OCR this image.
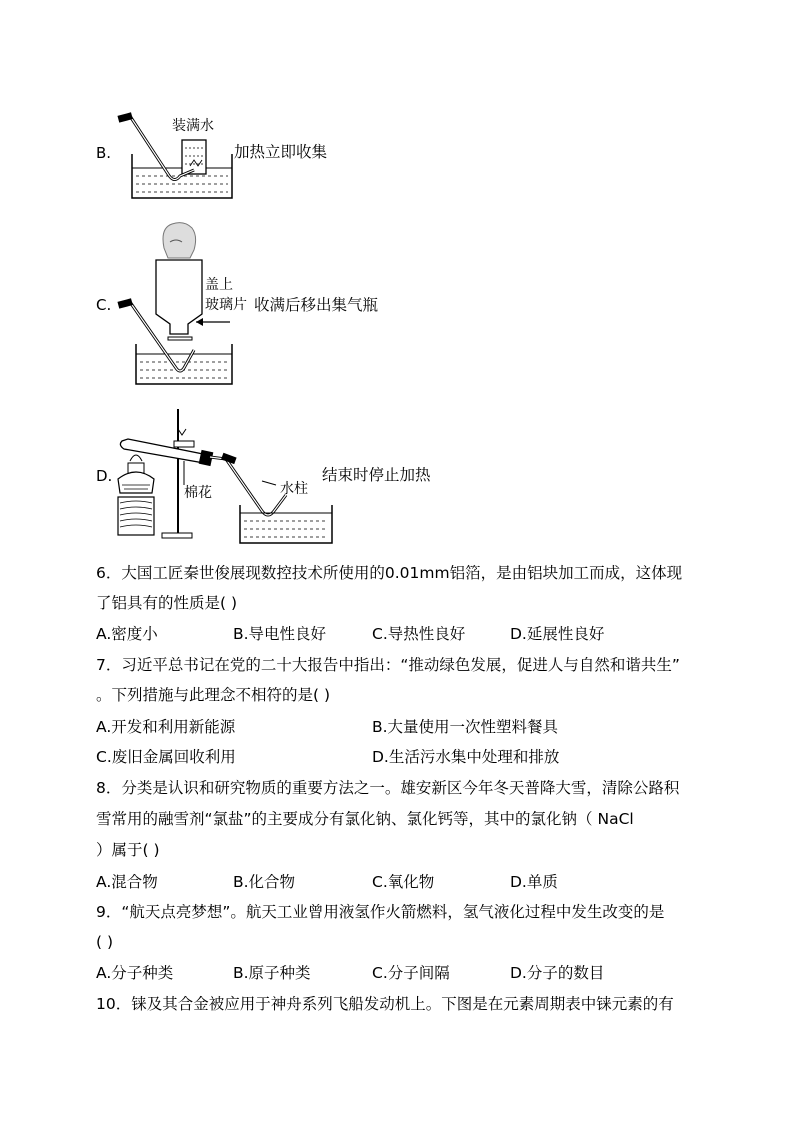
B.
装满水
加热立即收集
C.
盖上
玻璃片 收满后移出集气瓶
D.
棉花	水柱
结束时停止加热
6．大国工匠秦世俊展现数控技术所使用的0.01mm铝箔，是由铝块加工而成，这体现
了铝具有的性质是( )
A.密度小	B.导电性良好	C.导热性良好	D.延展性良好
7．习近平总书记在党的二十大报告中指出：“推动绿色发展，促进人与自然和谐共生”
。下列措施与此理念不相符的是( )
A.开发和利用新能源	B.大量使用一次性塑料餐具
C.废旧金属回收利用	D.生活污水集中处理和排放
8．分类是认识和研究物质的重要方法之一。雄安新区今年冬天普降大雪，清除公路积
雪常用的融雪剂“氯盐”的主要成分有氯化钠、氯化钙等，其中的氯化钠（ NaCl
）属于( )
A.混合物	B.化合物	C.氧化物	D.单质
9．“航天点亮梦想”。航天工业曾用液氢作火箭燃料，氢气液化过程中发生改变的是
( )
A.分子种类	B.原子种类	C.分子间隔	D.分子的数目
10．铼及其合金被应用于神舟系列飞船发动机上。下图是在元素周期表中铼元素的有
